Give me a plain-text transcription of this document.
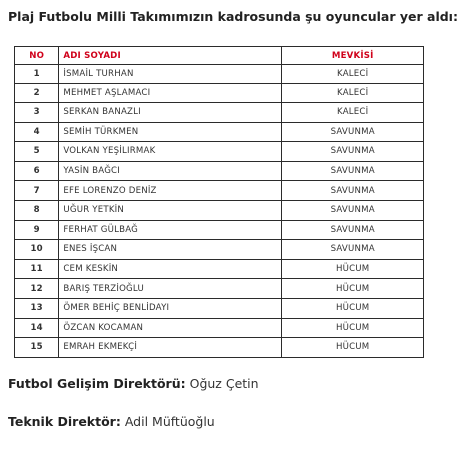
Plaj Futbolu Milli Takımımızın kadrosunda şu oyuncular yer aldı:
NO	ADI SOYADI	MEVKİSİ
1	İSMAİL TURHAN	KALECİ
2	MEHMET AŞLAMACI	KALECİ
3	SERKAN BANAZLI	KALECİ
4	SEMİH TÜRKMEN	SAVUNMA
5	VOLKAN YEŞİLIRMAK	SAVUNMA
6	YASİN BAĞCI	SAVUNMA
7	EFE LORENZO DENİZ	SAVUNMA
8	UĞUR YETKİN	SAVUNMA
9	FERHAT GÜLBAĞ	SAVUNMA
10	ENES İŞCAN	SAVUNMA
11	CEM KESKİN	HÜCUM
12	BARIŞ TERZİOĞLU	HÜCUM
13	ÖMER BEHİÇ BENLİDAYI	HÜCUM
14	ÖZCAN KOCAMAN	HÜCUM
15	EMRAH EKMEKÇİ	HÜCUM
Futbol Gelişim Direktörü: Oğuz Çetin
Teknik Direktör: Adil Müftüoğlu
